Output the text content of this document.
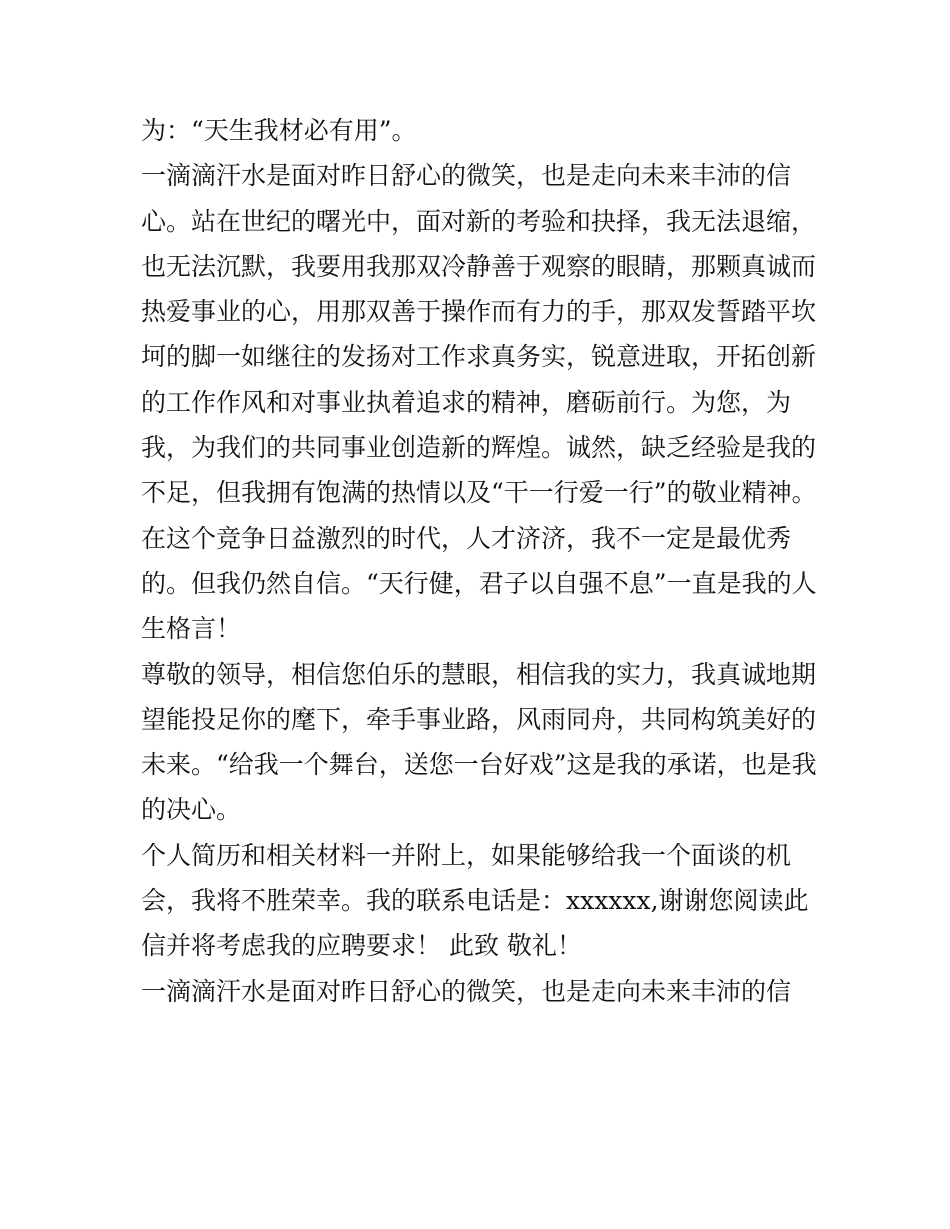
为：“天生我材必有用”。
一滴滴汗水是面对昨日舒心的微笑，也是走向未来丰沛的信
心。站在世纪的曙光中，面对新的考验和抉择，我无法退缩，
也无法沉默，我要用我那双冷静善于观察的眼睛，那颗真诚而
热爱事业的心，用那双善于操作而有力的手，那双发誓踏平坎
坷的脚一如继往的发扬对工作求真务实，锐意进取，开拓创新
的工作作风和对事业执着追求的精神，磨砺前行。为您，为
我，为我们的共同事业创造新的辉煌。诚然，缺乏经验是我的
不足，但我拥有饱满的热情以及“干一行爱一行”的敬业精神。
在这个竞争日益激烈的时代，人才济济，我不一定是最优秀
的。但我仍然自信。“天行健，君子以自强不息”一直是我的人
生格言！
尊敬的领导，相信您伯乐的慧眼，相信我的实力，我真诚地期
望能投足你的麾下，牵手事业路，风雨同舟，共同构筑美好的
未来。“给我一个舞台，送您一台好戏”这是我的承诺，也是我
的决心。
个人简历和相关材料一并附上，如果能够给我一个面谈的机
会，我将不胜荣幸。我的联系电话是：xxxxxx,谢谢您阅读此
信并将考虑我的应聘要求！ 此致 敬礼！
一滴滴汗水是面对昨日舒心的微笑，也是走向未来丰沛的信
